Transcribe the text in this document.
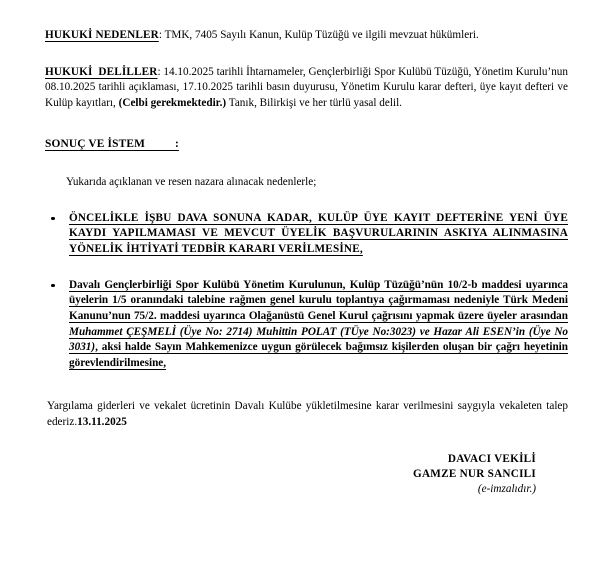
HUKUKİ NEDENLER: TMK, 7405 Sayılı Kanun, Kulüp Tüzüğü ve ilgili mevzuat hükümleri.

HUKUKİ  DELİLLER: 14.10.2025 tarihli İhtarnameler, Gençlerbirliği Spor Kulübü Tüzüğü, Yönetim Kurulu’nun 08.10.2025 tarihli açıklaması, 17.10.2025 tarihli basın duyurusu, Yönetim Kurulu karar defteri, üye kayıt defteri ve Kulüp kayıtları, (Celbi gerekmektedir.) Tanık, Bilirkişi ve her türlü yasal delil.

SONUÇ VE İSTEM          :

Yukarıda açıklanan ve resen nazara alınacak nedenlerle;

ÖNCELİKLE İŞBU DAVA SONUNA KADAR, KULÜP ÜYE KAYIT DEFTERİNE YENİ ÜYE KAYDI YAPILMAMASI VE MEVCUT ÜYELİK BAŞVURULARININ ASKIYA ALINMASINA YÖNELİK İHTİYATİ TEDBİR KARARI VERİLMESİNE,
Davalı Gençlerbirliği Spor Kulübü Yönetim Kurulunun, Kulüp Tüzüğü’nün 10/2-b maddesi uyarınca üyelerin 1/5 oranındaki talebine rağmen genel kurulu toplantıya çağırmaması nedeniyle Türk Medeni Kanunu’nun 75/2. maddesi uyarınca Olağanüstü Genel Kurul çağrısını yapmak üzere üyeler arasından Muhammet ÇEŞMELİ (Üye No: 2714) Muhittin POLAT (TÜye No:3023) ve Hazar Ali ESEN’in (Üye No 3031), aksi halde Sayın Mahkemenizce uygun görülecek bağımsız kişilerden oluşan bir çağrı heyetinin görevlendirilmesine,

Yargılama giderleri ve vekalet ücretinin Davalı Kulübe yükletilmesine karar verilmesini saygıyla vekaleten talep ederiz.13.11.2025

DAVACI VEKİLİ
GAMZE NUR SANCILI
(e-imzalıdır.)
